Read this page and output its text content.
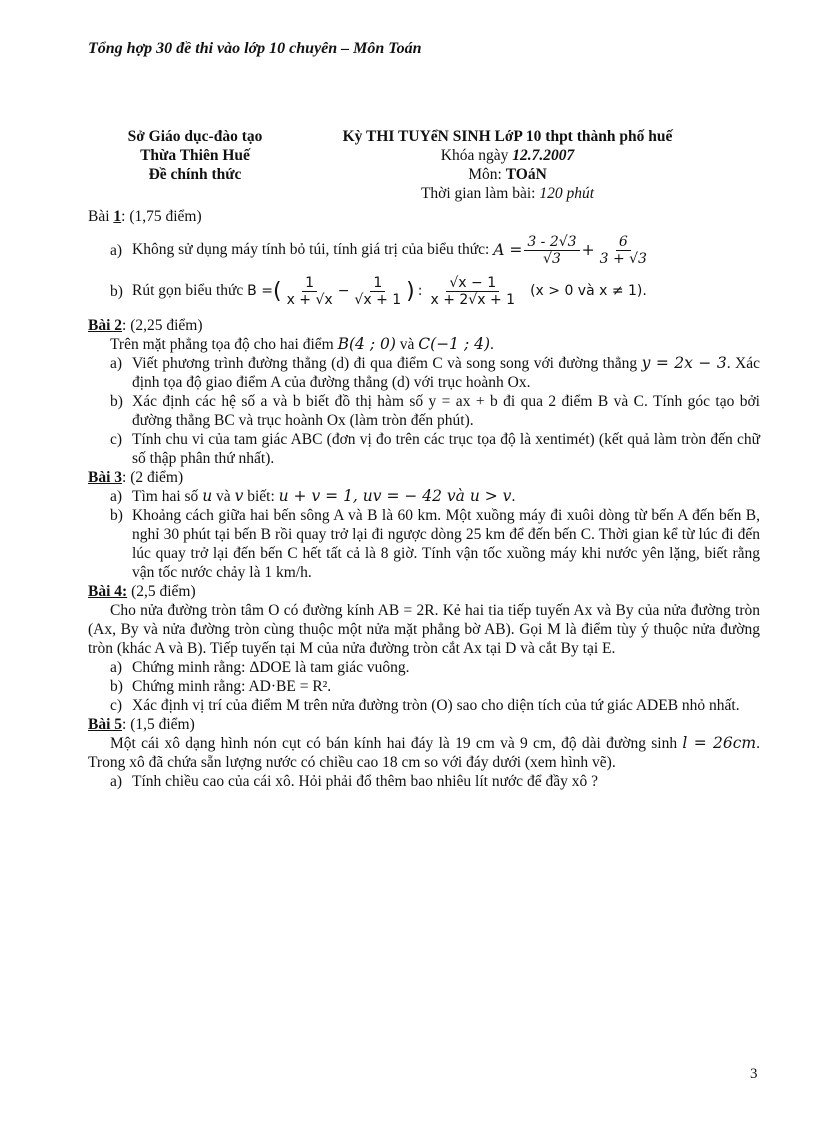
Tổng hợp 30 đề thi vào lớp 10 chuyên – Môn Toán
Sở Giáo dục-đào tạo
Thừa Thiên Huế
Đề chính thức
Kỳ THI TUYểN SINH LớP 10 thpt thành phố huế
Khóa ngày 12.7.2007
Môn: TOáN
Thời gian làm bài: 120 phút
Bài 1: (1,75 điểm)
a) Không sử dụng máy tính bỏ túi, tính giá trị của biểu thức: $A = \frac{3 - 2√3}{√3} + \frac{6}{3 + √3}$
b) Rút gọn biểu thức B = ( $\frac{1}{x + √x} - \frac{1}{√x + 1}$ ) : $\frac{√x - 1}{x + 2√x + 1} (x > 0$ và x ≠ 1).
Bài 2: (2,25 điểm)
Trên mặt phẳng tọa độ cho hai điểm B(4 ; 0) và C(−1 ; 4).
a) Viết phương trình đường thẳng (d) đi qua điểm C và song song với đường thẳng y = 2x − 3. Xác định tọa độ giao điểm A của đường thẳng (d) với trục hoành Ox.
b) Xác định các hệ số a và b biết đồ thị hàm số y = ax + b đi qua 2 điểm B và C. Tính góc tạo bởi đường thẳng BC và trục hoành Ox (làm tròn đến phút).
c) Tính chu vi của tam giác ABC (đơn vị đo trên các trục tọa độ là xentimét) (kết quả làm tròn đến chữ số thập phân thứ nhất).
Bài 3: (2 điểm)
a) Tìm hai số u và v biết: u + v = 1, uv = − 42 và u > v.
b) Khoảng cách giữa hai bến sông A và B là 60 km. Một xuồng máy đi xuôi dòng từ bến A đến bến B, nghỉ 30 phút tại bến B rồi quay trở lại đi ngược dòng 25 km để đến bến C. Thời gian kể từ lúc đi đến lúc quay trở lại đến bến C hết tất cả là 8 giờ. Tính vận tốc xuồng máy khi nước yên lặng, biết rằng vận tốc nước chảy là 1 km/h.
Bài 4: (2,5 điểm)
Cho nửa đường tròn tâm O có đường kính AB = 2R. Kẻ hai tia tiếp tuyến Ax và By của nửa đường tròn (Ax, By và nửa đường tròn cùng thuộc một nửa mặt phẳng bờ AB). Gọi M là điểm tùy ý thuộc nửa đường tròn (khác A và B). Tiếp tuyến tại M của nửa đường tròn cắt Ax tại D và cắt By tại E.
a) Chứng minh rằng: ΔDOE là tam giác vuông.
b) Chứng minh rằng: AD·BE = R².
c) Xác định vị trí của điểm M trên nửa đường tròn (O) sao cho diện tích của tứ giác ADEB nhỏ nhất.
Bài 5: (1,5 điểm)
Một cái xô dạng hình nón cụt có bán kính hai đáy là 19 cm và 9 cm, độ dài đường sinh l = 26cm. Trong xô đã chứa sẵn lượng nước có chiều cao 18 cm so với đáy dưới (xem hình vẽ).
a) Tính chiều cao của cái xô. Hỏi phải đổ thêm bao nhiêu lít nước để đầy xô ?
3
